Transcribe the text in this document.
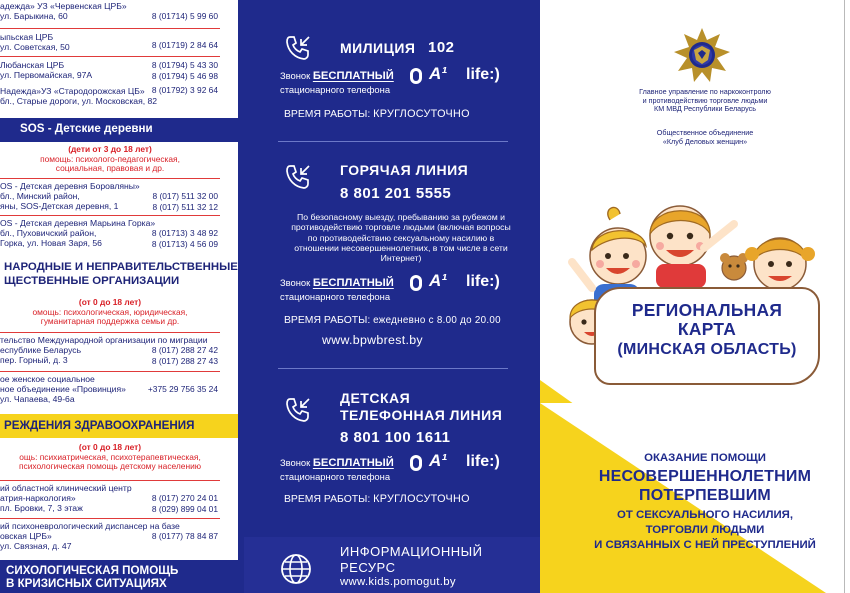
адежда» УЗ «Червенская ЦРБ»
ул. Барыкина, 60	8 (01714) 5 99 60
ыпьская ЦРБ
ул. Советская, 50	8 (01719) 2 84 64
Любанская ЦРБ
ул. Первомайская, 97А
8 (01794) 5 43 30
8 (01794) 5 46 98
Надежда»УЗ «Стародорожская ЦБ»
бл., Старые дороги, ул. Московская, 82
8 (01792) 3 92 64
SOS - Детские деревни
(дети от 3 до 18 лет)
помощь: психолого-педагогическая,
социальная, правовая и др.
OS - Детская деревня Боровляны»
бл., Минский район,
яны, SOS-Детская деревня, 1
8 (017) 511 32 00
8 (017) 511 32 12
OS - Детская деревня Марьина Горка»
бл., Пуховичский район,
Горка, ул. Новая Заря, 56
8 (01713) 3 48 92
8 (01713) 4 56 09
НАРОДНЫЕ И НЕПРАВИТЕЛЬСТВЕННЫЕ
ЩЕСТВЕННЫЕ ОРГАНИЗАЦИИ
(от 0 до 18 лет)
омощь: психологическая, юридическая,
гуманитарная поддержка семьи др.
тельство Международной организации по миграции
еспублике Беларусь
пер. Горный, д. 3
8 (017) 288 27 42
8 (017) 288 27 43
ое женское социальное
ное объединение «Провинция»
ул. Чапаева, 49-6а
+375 29 756 35 24
РЕЖДЕНИЯ ЗДРАВООХРАНЕНИЯ
(от 0 до 18 лет)
ощь: психиатрическая, психотерапевтическая,
психологическая помощь детскому населению
ий областной клинический центр
атрия-наркология»
пл. Бровки, 7, 3 этаж
8 (017) 270 24 01
8 (029) 899 04 01
ий психоневрологический диспансер на базе
овская ЦРБ»
ул. Связная, д. 47
8 (0177) 78 84 87
СИХОЛОГИЧЕСКАЯ ПОМОЩЬ
В КРИЗИСНЫХ СИТУАЦИЯХ
МИЛИЦИЯ 102
Звонок БЕСПЛАТНЫЙ
стационарного телефона
A¹ life:)
ВРЕМЯ РАБОТЫ: КРУГЛОСУТОЧНО
ГОРЯЧАЯ ЛИНИЯ
8 801 201 5555
По безопасному выезду, пребыванию за рубежом и противодействию торговле людьми (включая вопросы по противодействию сексуальному насилию в отношении несовершеннолетних, в том числе в сети Интернет)
Звонок БЕСПЛАТНЫЙ
стационарного телефона
A¹ life:)
ВРЕМЯ РАБОТЫ: ежедневно с 8.00 до 20.00
www.bpwbrest.by
ДЕТСКАЯ
ТЕЛЕФОННАЯ ЛИНИЯ
8 801 100 1611
Звонок БЕСПЛАТНЫЙ
стационарного телефона
A¹ life:)
ВРЕМЯ РАБОТЫ: КРУГЛОСУТОЧНО
ИНФОРМАЦИОННЫЙ
РЕСУРС
www.kids.pomogut.by
Главное управление по наркоконтролю
и противодействию торговле людьми
КМ МВД Республики Беларусь
Общественное объединение
«Клуб Деловых женщин»
РЕГИОНАЛЬНАЯ
КАРТА
(МИНСКАЯ ОБЛАСТЬ)
ОКАЗАНИЕ ПОМОЩИ
НЕСОВЕРШЕННОЛЕТНИМ
ПОТЕРПЕВШИМ
ОТ СЕКСУАЛЬНОГО НАСИЛИЯ,
ТОРГОВЛИ ЛЮДЬМИ
И СВЯЗАННЫХ С НЕЙ ПРЕСТУПЛЕНИЙ
